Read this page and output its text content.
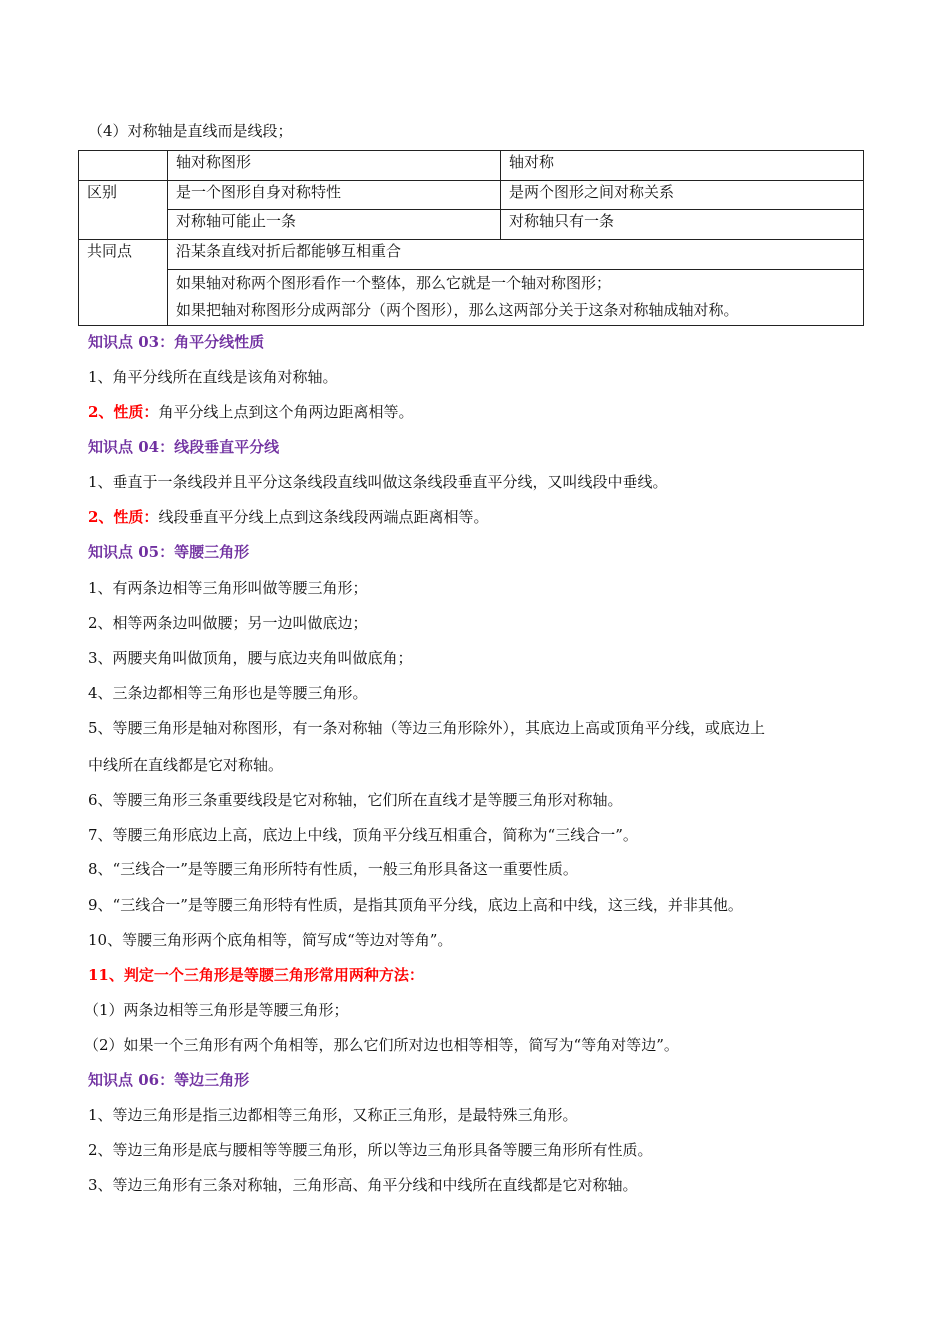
（4）对称轴是直线而是线段；
	轴对称图形	轴对称
区别	是一个图形自身对称特性	是两个图形之间对称关系
	对称轴可能止一条	对称轴只有一条
共同点	沿某条直线对折后都能够互相重合	

	如果轴对称两个图形看作一个整体，那么它就是一个轴对称图形；
如果把轴对称图形分成两部分（两个图形），那么这两部分关于这条对称轴成轴对称。	
知识点 03：角平分线性质
1、角平分线所在直线是该角对称轴。
2、性质：角平分线上点到这个角两边距离相等。
知识点 04：线段垂直平分线
1、垂直于一条线段并且平分这条线段直线叫做这条线段垂直平分线，又叫线段中垂线。
2、性质：线段垂直平分线上点到这条线段两端点距离相等。
知识点 05：等腰三角形
1、有两条边相等三角形叫做等腰三角形；
2、相等两条边叫做腰；另一边叫做底边；
3、两腰夹角叫做顶角，腰与底边夹角叫做底角；
4、三条边都相等三角形也是等腰三角形。
5、等腰三角形是轴对称图形，有一条对称轴（等边三角形除外），其底边上高或顶角平分线，或底边上
中线所在直线都是它对称轴。
6、等腰三角形三条重要线段是它对称轴，它们所在直线才是等腰三角形对称轴。
7、等腰三角形底边上高，底边上中线，顶角平分线互相重合，简称为“三线合一”。
8、“三线合一”是等腰三角形所特有性质，一般三角形具备这一重要性质。
9、“三线合一”是等腰三角形特有性质，是指其顶角平分线，底边上高和中线，这三线，并非其他。
10、等腰三角形两个底角相等，简写成“等边对等角”。
11、判定一个三角形是等腰三角形常用两种方法：
（1）两条边相等三角形是等腰三角形；
（2）如果一个三角形有两个角相等，那么它们所对边也相等相等，简写为“等角对等边”。
知识点 06：等边三角形
1、等边三角形是指三边都相等三角形，又称正三角形，是最特殊三角形。
2、等边三角形是底与腰相等等腰三角形，所以等边三角形具备等腰三角形所有性质。
3、等边三角形有三条对称轴，三角形高、角平分线和中线所在直线都是它对称轴。
